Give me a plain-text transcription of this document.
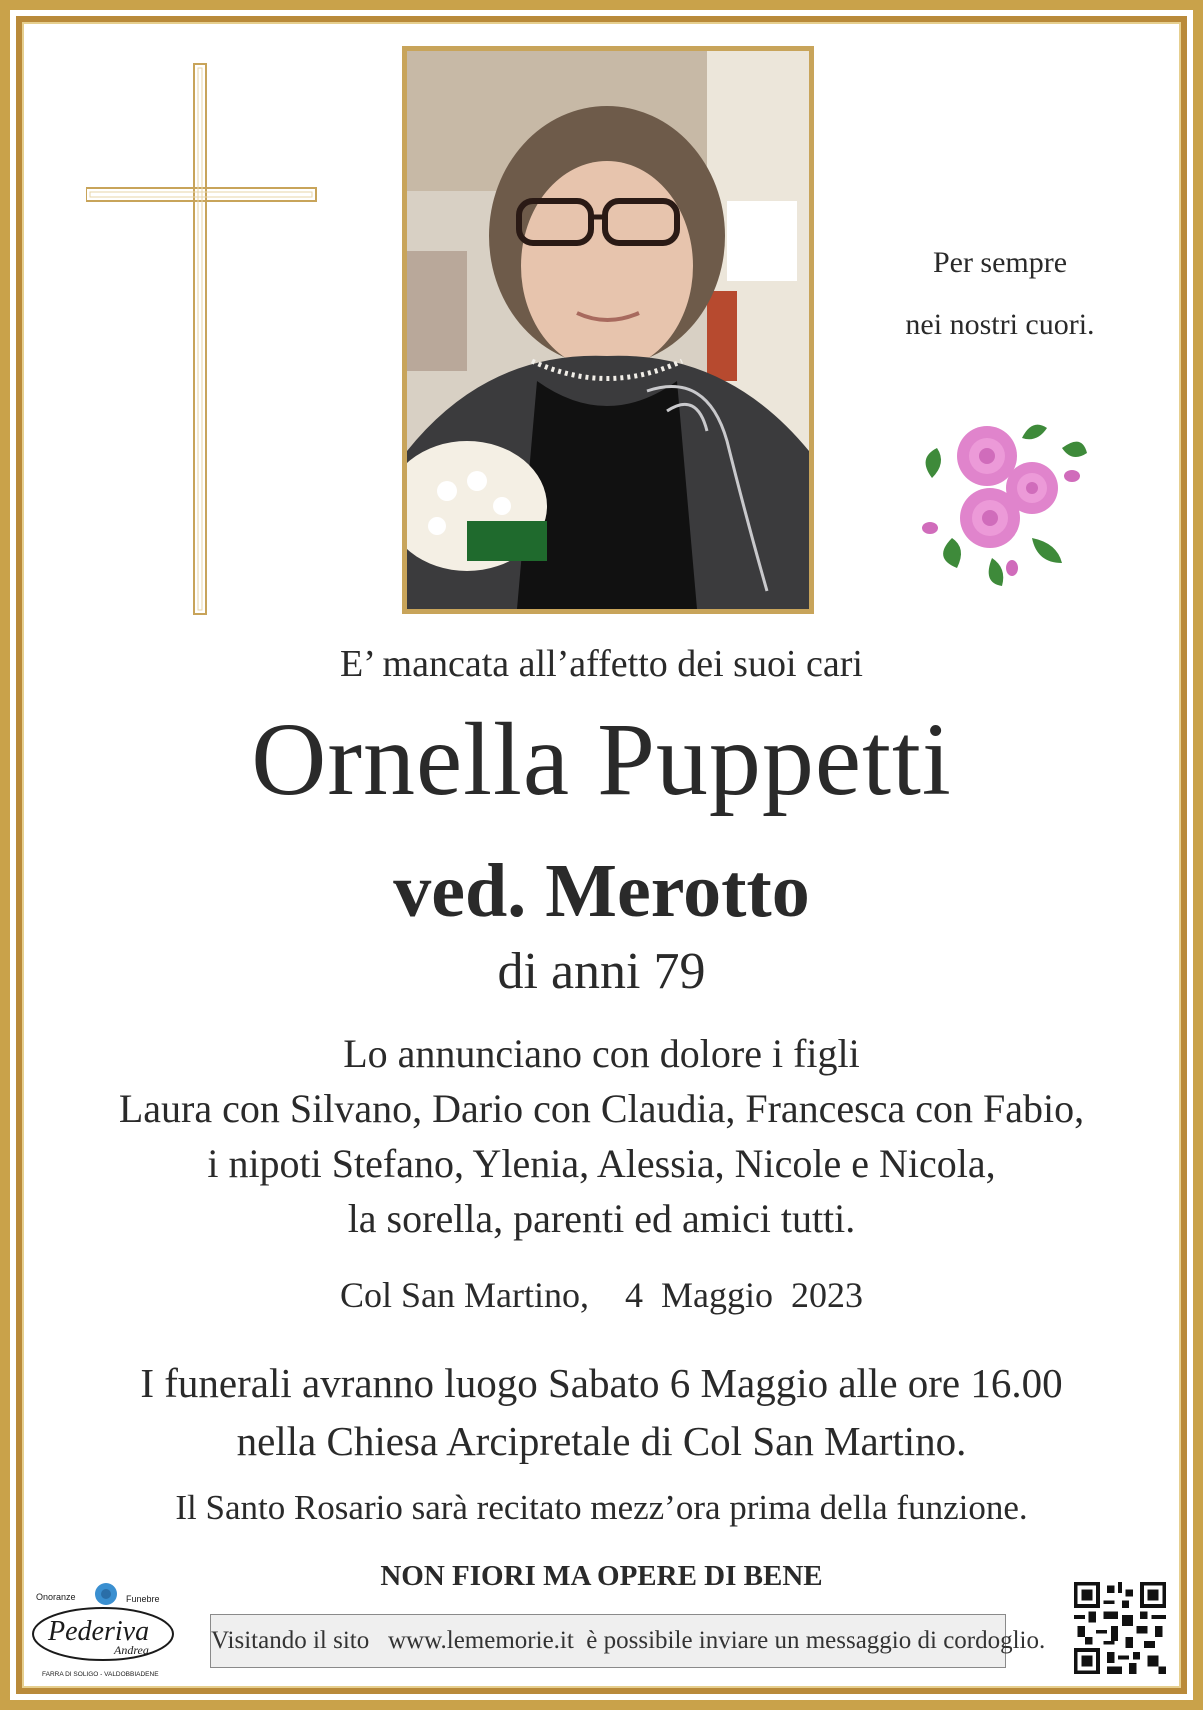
Per sempre
nei nostri cuori.
E’ mancata all’affetto dei suoi cari
Ornella Puppetti
ved. Merotto
di anni 79
Lo annunciano con dolore i figli
Laura con Silvano, Dario con Claudia, Francesca con Fabio,
i nipoti Stefano, Ylenia, Alessia, Nicole e Nicola,
la sorella, parenti ed amici tutti.
Col San Martino,    4  Maggio  2023
I funerali avranno luogo Sabato 6 Maggio alle ore 16.00
nella Chiesa Arcipretale di Col San Martino.
Il Santo Rosario sarà recitato mezz’ora prima della funzione.
NON FIORI MA OPERE DI BENE
Visitando il sito   www.lememorie.it  è possibile inviare un messaggio di cordoglio.
Onoranze	Funebre
Pederiva
Andrea
FARRA DI SOLIGO - VALDOBBIADENE
